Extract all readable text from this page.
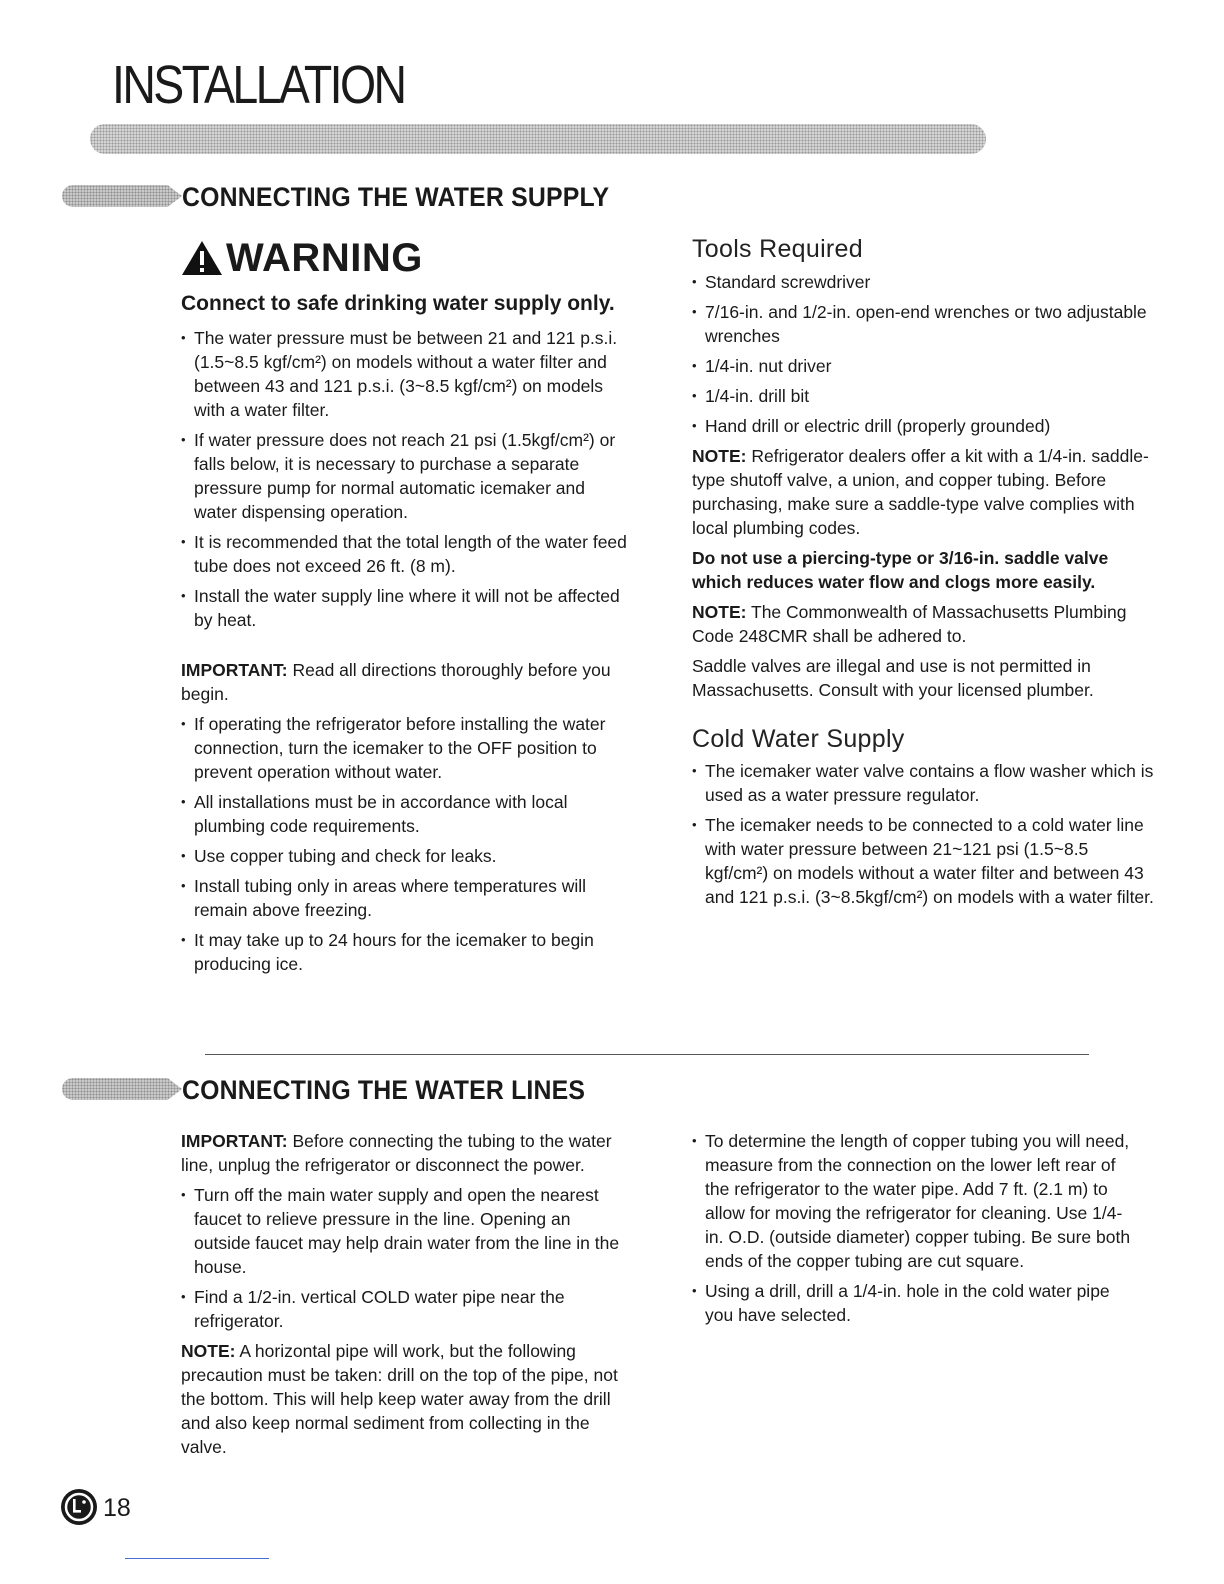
INSTALLATION
CONNECTING THE WATER SUPPLY
WARNING

Connect to safe drinking water supply only.

• The water pressure must be between 21 and 121 p.s.i. (1.5~8.5 kgf/cm²) on models without a water filter and between 43 and 121 p.s.i. (3~8.5 kgf/cm²) on models with a water filter.
• If water pressure does not reach 21 psi (1.5kgf/cm²) or falls below, it is necessary to purchase a separate pressure pump for normal automatic icemaker and water dispensing operation.
• It is recommended that the total length of the water feed tube does not exceed 26 ft. (8 m).
• Install the water supply line where it will not be affected by heat.

IMPORTANT: Read all directions thoroughly before you begin.

• If operating the refrigerator before installing the water connection, turn the icemaker to the OFF position to prevent operation without water.
• All installations must be in accordance with local plumbing code requirements.
• Use copper tubing and check for leaks.
• Install tubing only in areas where temperatures will remain above freezing.
• It may take up to 24 hours for the icemaker to begin producing ice.
Tools Required
• Standard screwdriver
• 7/16-in. and 1/2-in. open-end wrenches or two adjustable wrenches
• 1/4-in. nut driver
• 1/4-in. drill bit
• Hand drill or electric drill (properly grounded)

NOTE: Refrigerator dealers offer a kit with a 1/4-in. saddle-type shutoff valve, a union, and copper tubing. Before purchasing, make sure a saddle-type valve complies with local plumbing codes.

Do not use a piercing-type or 3/16-in. saddle valve which reduces water flow and clogs more easily.

NOTE: The Commonwealth of Massachusetts Plumbing Code 248CMR shall be adhered to.

Saddle valves are illegal and use is not permitted in Massachusetts. Consult with your licensed plumber.

Cold Water Supply
• The icemaker water valve contains a flow washer which is used as a water pressure regulator.
• The icemaker needs to be connected to a cold water line with water pressure between 21~121 psi (1.5~8.5 kgf/cm²) on models without a water filter and between 43 and 121 p.s.i. (3~8.5kgf/cm²) on models with a water filter.
CONNECTING THE WATER LINES

IMPORTANT: Before connecting the tubing to the water line, unplug the refrigerator or disconnect the power.

• Turn off the main water supply and open the nearest faucet to relieve pressure in the line. Opening an outside faucet may help drain water from the line in the house.
• Find a 1/2-in. vertical COLD water pipe near the refrigerator.

NOTE: A horizontal pipe will work, but the following precaution must be taken: drill on the top of the pipe, not the bottom. This will help keep water away from the drill and also keep normal sediment from collecting in the valve.

• To determine the length of copper tubing you will need, measure from the connection on the lower left rear of the refrigerator to the water pipe. Add 7 ft. (2.1 m) to allow for moving the refrigerator for cleaning. Use 1/4-in. O.D. (outside diameter) copper tubing. Be sure both ends of the copper tubing are cut square.
• Using a drill, drill a 1/4-in. hole in the cold water pipe you have selected.
18
